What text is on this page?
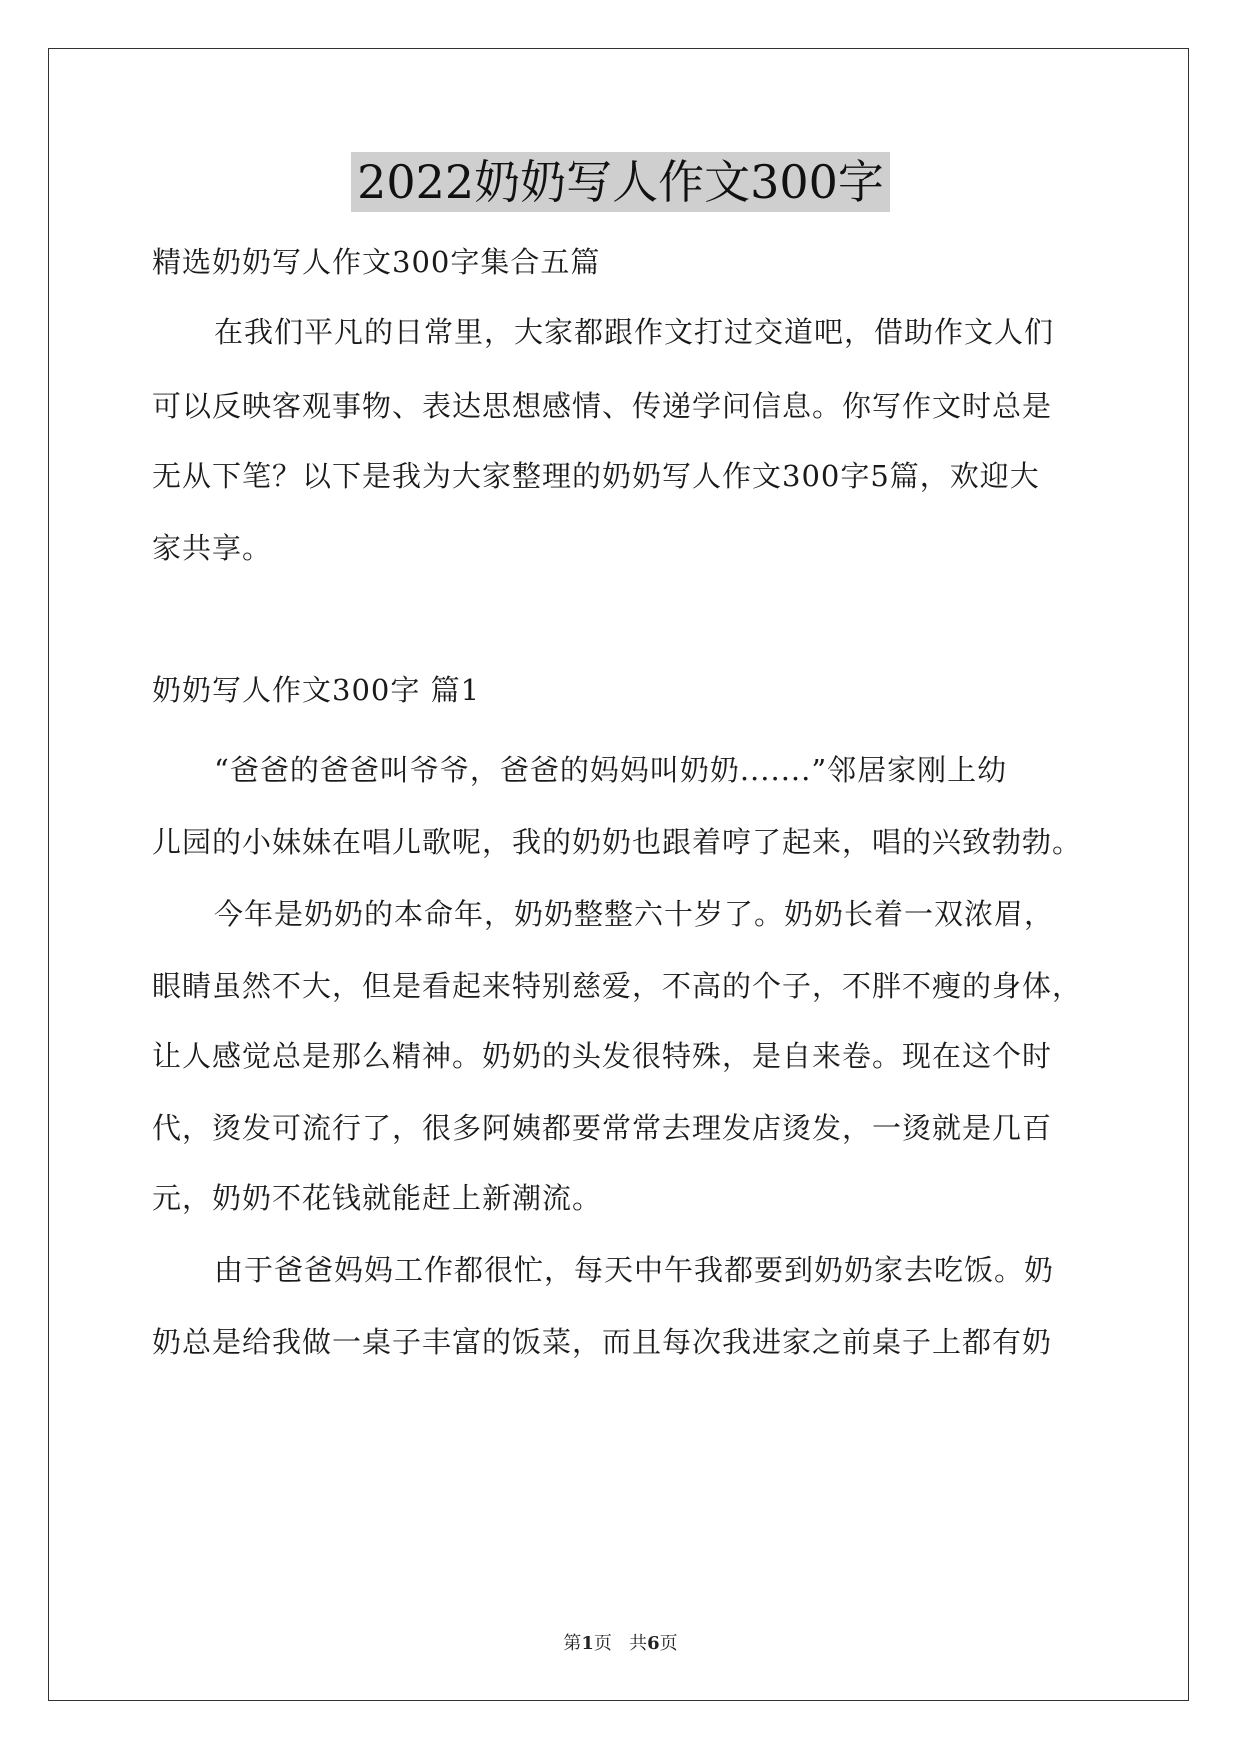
2022奶奶写人作文300字
精选奶奶写人作文300字集合五篇
在我们平凡的日常里，大家都跟作文打过交道吧，借助作文人们
可以反映客观事物、表达思想感情、传递学问信息。你写作文时总是
无从下笔？以下是我为大家整理的奶奶写人作文300字5篇，欢迎大
家共享。
奶奶写人作文300字 篇1
“爸爸的爸爸叫爷爷，爸爸的妈妈叫奶奶.......”邻居家刚上幼
儿园的小妹妹在唱儿歌呢，我的奶奶也跟着哼了起来，唱的兴致勃勃。
今年是奶奶的本命年，奶奶整整六十岁了。奶奶长着一双浓眉，
眼睛虽然不大，但是看起来特别慈爱，不高的个子，不胖不瘦的身体，
让人感觉总是那么精神。奶奶的头发很特殊，是自来卷。现在这个时
代，烫发可流行了，很多阿姨都要常常去理发店烫发，一烫就是几百
元，奶奶不花钱就能赶上新潮流。
由于爸爸妈妈工作都很忙，每天中午我都要到奶奶家去吃饭。奶
奶总是给我做一桌子丰富的饭菜，而且每次我进家之前桌子上都有奶
第1页 共6页
